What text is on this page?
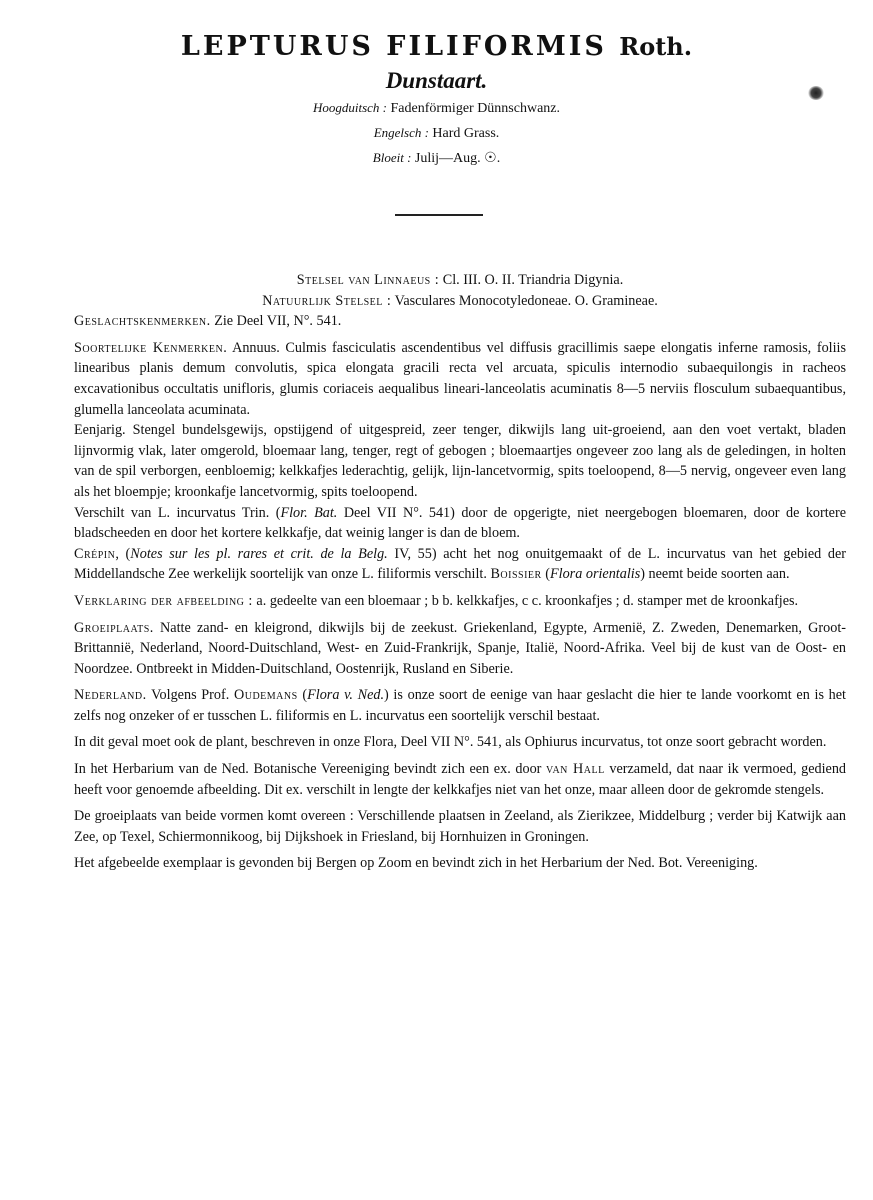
LEPTURUS FILIFORMIS Roth.

Dunstaart.

Hoogduitsch : Fadenförmiger Dünnschwanz.

Engelsch : Hard Grass.

Bloeit : Julij—Aug. ☉.

Stelsel van Linnaeus : Cl. III. O. II. Triandria Digynia.

Natuurlijk Stelsel : Vasculares Monocotyledoneae. O. Gramineae.

Geslachtskenmerken. Zie Deel VII, N°. 541.

Soortelijke Kenmerken. Annuus. Culmis fasciculatis ascendentibus vel diffusis gracillimis saepe elongatis inferne ramosis, foliis linearibus planis demum convolutis, spica elongata gracili recta vel arcuata, spiculis internodio subaequilongis in racheos excavationibus occultatis unifloris, glumis coriaceis aequalibus lineari-lanceolatis acuminatis 8—5 nerviis flosculum subaequantibus, glumella lanceolata acuminata.

Eenjarig. Stengel bundelsgewijs, opstijgend of uitgespreid, zeer tenger, dikwijls lang uit-groeiend, aan den voet vertakt, bladen lijnvormig vlak, later omgerold, bloemaar lang, tenger, regt of gebogen ; bloemaartjes ongeveer zoo lang als de geledingen, in holten van de spil verborgen, eenbloemig; kelkkafjes lederachtig, gelijk, lijn-lancetvormig, spits toeloopend, 8—5 nervig, ongeveer even lang als het bloempje; kroonkafje lancetvormig, spits toeloopend.

Verschilt van L. incurvatus Trin. (Flor. Bat. Deel VII N°. 541) door de opgerigte, niet neergebogen bloemaren, door de kortere bladscheeden en door het kortere kelkkafje, dat weinig langer is dan de bloem.

Crépin, (Notes sur les pl. rares et crit. de la Belg. IV, 55) acht het nog onuitgemaakt of de L. incurvatus van het gebied der Middellandsche Zee werkelijk soortelijk van onze L. filiformis verschilt. Boissier (Flora orientalis) neemt beide soorten aan.

Verklaring der afbeelding : a. gedeelte van een bloemaar ; b b. kelkkafjes, c c. kroonkafjes ; d. stamper met de kroonkafjes.

Groeiplaats. Natte zand- en kleigrond, dikwijls bij de zeekust. Griekenland, Egypte, Armenië, Z. Zweden, Denemarken, Groot-Brittannië, Nederland, Noord-Duitschland, West- en Zuid-Frankrijk, Spanje, Italië, Noord-Afrika. Veel bij de kust van de Oost- en Noordzee. Ontbreekt in Midden-Duitschland, Oostenrijk, Rusland en Siberie.

Nederland. Volgens Prof. Oudemans (Flora v. Ned.) is onze soort de eenige van haar geslacht die hier te lande voorkomt en is het zelfs nog onzeker of er tusschen L. filiformis en L. incurvatus een soortelijk verschil bestaat.

In dit geval moet ook de plant, beschreven in onze Flora, Deel VII N°. 541, als Ophiurus incurvatus, tot onze soort gebracht worden.

In het Herbarium van de Ned. Botanische Vereeniging bevindt zich een ex. door van Hall verzameld, dat naar ik vermoed, gediend heeft voor genoemde afbeelding. Dit ex. verschilt in lengte der kelkkafjes niet van het onze, maar alleen door de gekromde stengels.

De groeiplaats van beide vormen komt overeen : Verschillende plaatsen in Zeeland, als Zierikzee, Middelburg ; verder bij Katwijk aan Zee, op Texel, Schiermonnikoog, bij Dijkshoek in Friesland, bij Hornhuizen in Groningen.

Het afgebeelde exemplaar is gevonden bij Bergen op Zoom en bevindt zich in het Herbarium der Ned. Bot. Vereeniging.
